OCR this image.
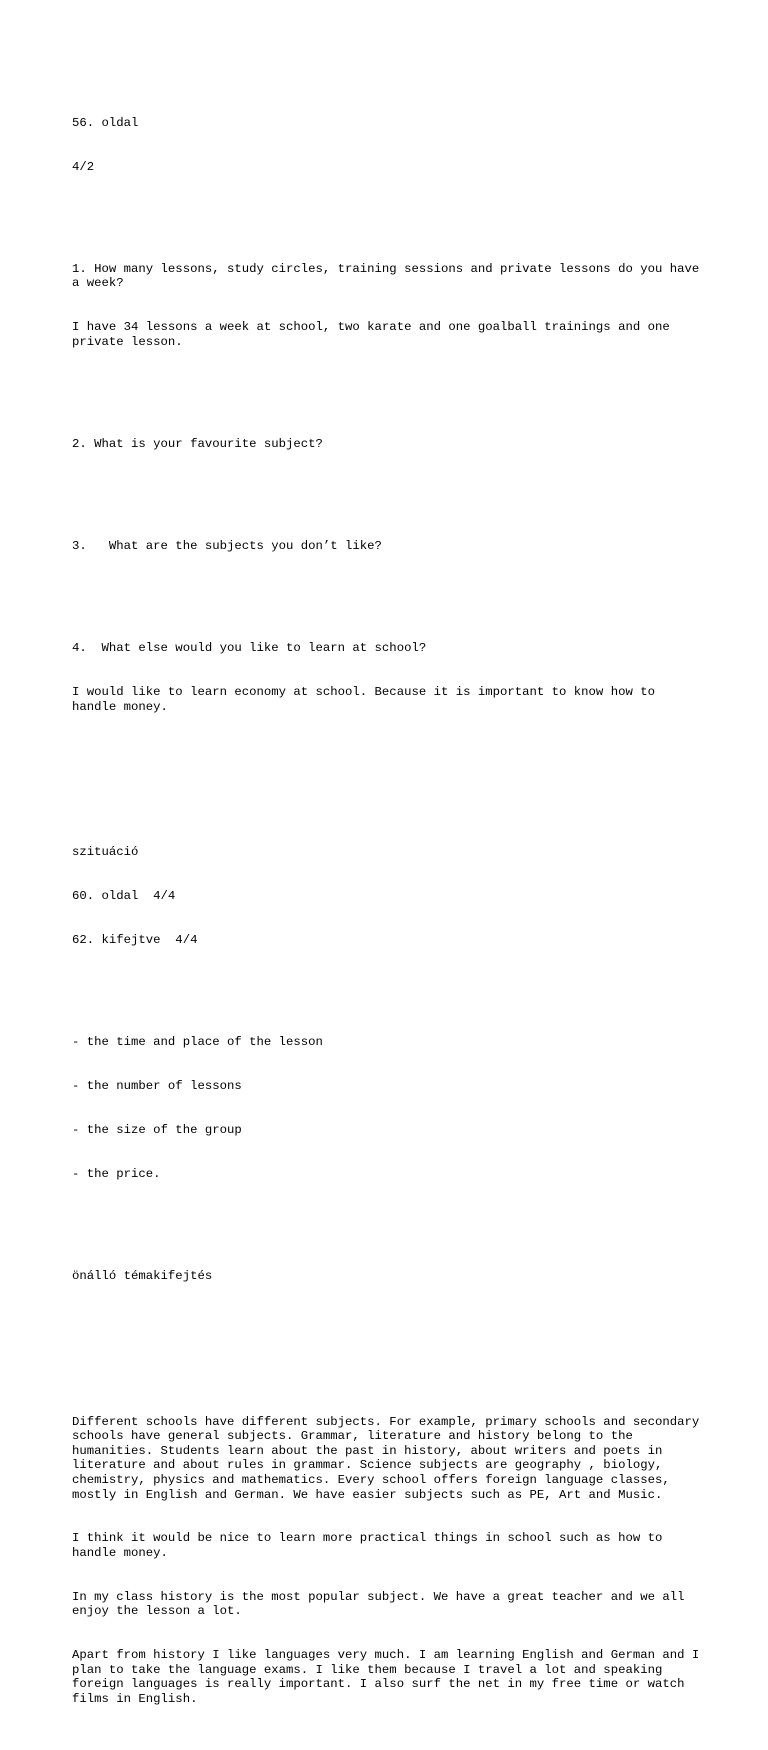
56. oldal

4/2

1. How many lessons, study circles, training sessions and private lessons do you have a week?

I have 34 lessons a week at school, two karate and one goalball trainings and one private lesson.

2. What is your favourite subject?

3.   What are the subjects you don’t like?

4.  What else would you like to learn at school?

I would like to learn economy at school. Because it is important to know how to handle money.

szituáció

60. oldal  4/4

62. kifejtve  4/4

- the time and place of the lesson

- the number of lessons

- the size of the group

- the price.

önálló témakifejtés

Different schools have different subjects. For example, primary schools and secondary schools have general subjects. Grammar, literature and history belong to the humanities. Students learn about the past in history, about writers and poets in literature and about rules in grammar. Science subjects are geography , biology, chemistry, physics and mathematics. Every school offers foreign language classes, mostly in English and German. We have easier subjects such as PE, Art and Music.

I think it would be nice to learn more practical things in school such as how to handle money.

In my class history is the most popular subject. We have a great teacher and we all enjoy the lesson a lot.

Apart from history I like languages very much. I am learning English and German and I plan to take the language exams. I like them because I travel a lot and speaking foreign languages is really important. I also surf the net in my free time or watch films in English.
